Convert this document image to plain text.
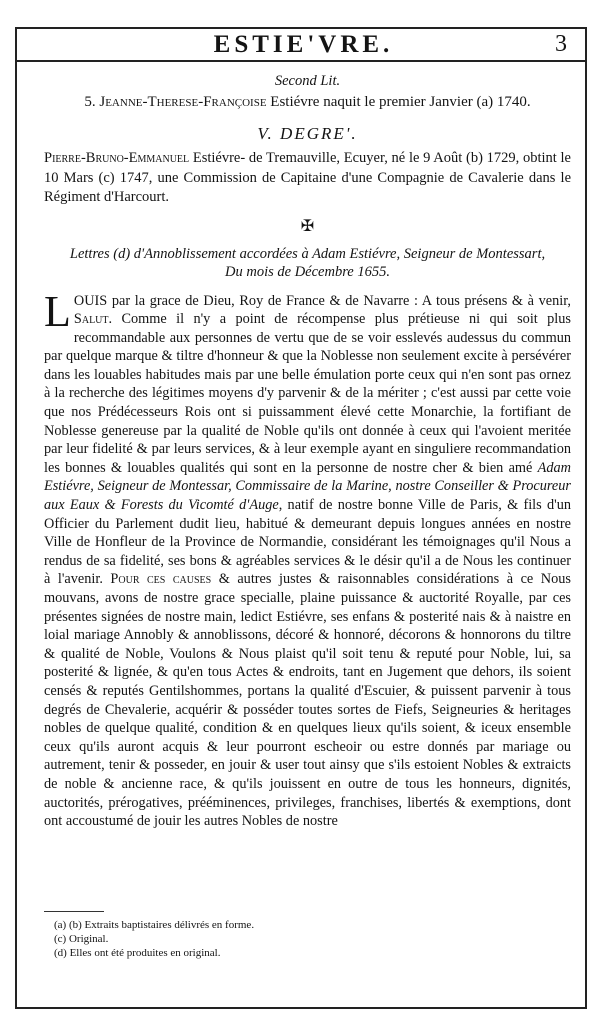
ESTIE'VRE.	3
Second Lit.
5. Jeanne-Therese-Françoise Estiévre naquit le premier Janvier (a) 1740.
V. DEGRE'.
Pierre-Bruno-Emmanuel Estiévre- de Tremauville, Ecuyer, né le 9 Août (b) 1729, obtint le 10 Mars (c) 1747, une Commission de Capitaine d'une Compagnie de Cavalerie dans le Régiment d'Harcourt.
✠
Lettres (d) d'Annoblissement accordées à Adam Estiévre, Seigneur de Montessart,
Du mois de Décembre 1655.
LOUIS par la grace de Dieu, Roy de France & de Navarre : A tous présens & à venir, Salut. Comme il n'y a point de récompense plus prétieuse ni qui soit plus recommandable aux personnes de vertu que de se voir esslevés audessus du commun par quelque marque & tiltre d'honneur & que la Noblesse non seulement excite à persévérer dans les louables habitudes mais par une belle émulation porte ceux qui n'en sont pas ornez à la recherche des légitimes moyens d'y parvenir & de la mériter ; c'est aussi par cette voie que nos Prédécesseurs Rois ont si puissamment élevé cette Monarchie, la fortifiant de Noblesse genereuse par la qualité de Noble qu'ils ont donnée à ceux qui l'avoient meritée par leur fidelité & par leurs services, & à leur exemple ayant en singuliere recommandation les bonnes & louables qualités qui sont en la personne de nostre cher & bien amé Adam Estiévre, Seigneur de Montessar, Commissaire de la Marine, nostre Conseiller & Procureur aux Eaux & Forests du Vicomté d'Auge, natif de nostre bonne Ville de Paris, & fils d'un Officier du Parlement dudit lieu, habitué & demeurant depuis longues années en nostre Ville de Honfleur de la Province de Normandie, considérant les témoignages qu'il Nous a rendus de sa fidelité, ses bons & agréables services & le désir qu'il a de Nous les continuer à l'avenir. Pour ces causes & autres justes & raisonnables considérations à ce Nous mouvans, avons de nostre grace specialle, plaine puissance & auctorité Royalle, par ces présentes signées de nostre main, ledict Estiévre, ses enfans & posterité nais & à naistre en loial mariage Annobly & annoblissons, décoré & honnoré, décorons & honnorons du tiltre & qualité de Noble, Voulons & Nous plaist qu'il soit tenu & reputé pour Noble, lui, sa posterité & lignée, & qu'en tous Actes & endroits, tant en Jugement que dehors, ils soient censés & reputés Gentilshommes, portans la qualité d'Escuier, & puissent parvenir à tous degrés de Chevalerie, acquérir & posséder toutes sortes de Fiefs, Seigneuries & heritages nobles de quelque qualité, condition & en quelques lieux qu'ils soient, & iceux ensemble ceux qu'ils auront acquis & leur pourront escheoir ou estre donnés par mariage ou autrement, tenir & posseder, en jouir & user tout ainsy que s'ils estoient Nobles & extraicts de noble & ancienne race, & qu'ils jouissent en outre de tous les honneurs, dignités, auctorités, prérogatives, prééminences, privileges, franchises, libertés & exemptions, dont ont accoustumé de jouir les autres Nobles de nostre
(a) (b) Extraits baptistaires délivrés en forme.
(c) Original.
(d) Elles ont été produites en original.
